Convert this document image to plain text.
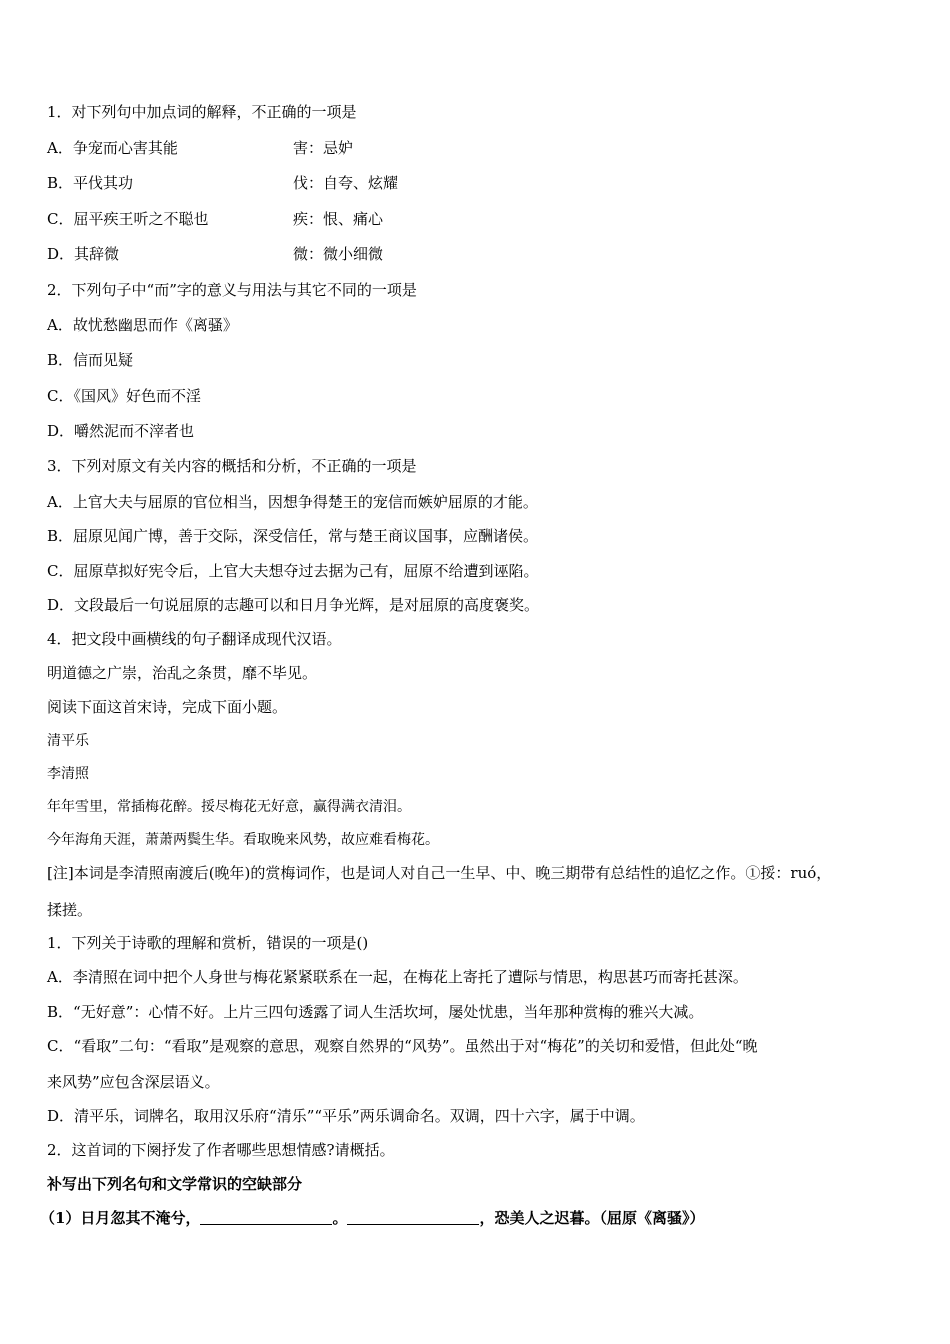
1．对下列句中加点词的解释，不正确的一项是
A．争宠而心害其能	害：忌妒
B．平伐其功	伐：自夸、炫耀
C．屈平疾王听之不聪也	疾：恨、痛心
D．其辞微	微：微小细微
2．下列句子中“而”字的意义与用法与其它不同的一项是
A．故忧愁幽思而作《离骚》
B．信而见疑
C．《国风》好色而不淫
D．嚼然泥而不滓者也
3．下列对原文有关内容的概括和分析，不正确的一项是
A．上官大夫与屈原的官位相当，因想争得楚王的宠信而嫉妒屈原的才能。
B．屈原见闻广博，善于交际，深受信任，常与楚王商议国事，应酬诸侯。
C．屈原草拟好宪令后，上官大夫想夺过去据为己有，屈原不给遭到诬陷。
D．文段最后一句说屈原的志趣可以和日月争光辉，是对屈原的高度褒奖。
4．把文段中画横线的句子翻译成现代汉语。
明道德之广崇，治乱之条贯，靡不毕见。
阅读下面这首宋诗，完成下面小题。
清平乐
李清照
年年雪里，常插梅花醉。挼尽梅花无好意，赢得满衣清泪。
今年海角天涯，萧萧两鬓生华。看取晚来风势，故应难看梅花。
[注]本词是李清照南渡后(晚年)的赏梅词作，也是词人对自己一生早、中、晚三期带有总结性的追忆之作。①挼：ruó，
揉搓。
1．下列关于诗歌的理解和赏析，错误的一项是()
A．李清照在词中把个人身世与梅花紧紧联系在一起，在梅花上寄托了遭际与情思，构思甚巧而寄托甚深。
B．“无好意”：心情不好。上片三四句透露了词人生活坎坷，屡处忧患，当年那种赏梅的雅兴大减。
C．“看取”二句：“看取”是观察的意思，观察自然界的“风势”。虽然出于对“梅花”的关切和爱惜，但此处“晚
来风势”应包含深层语义。
D．清平乐，词牌名，取用汉乐府“清乐”“平乐”两乐调命名。双调，四十六字，属于中调。
2．这首词的下阕抒发了作者哪些思想情感?请概括。
补写出下列名句和文学常识的空缺部分
（1）日月忽其不淹兮，	。	，恐美人之迟暮。（屈原《离骚》）
